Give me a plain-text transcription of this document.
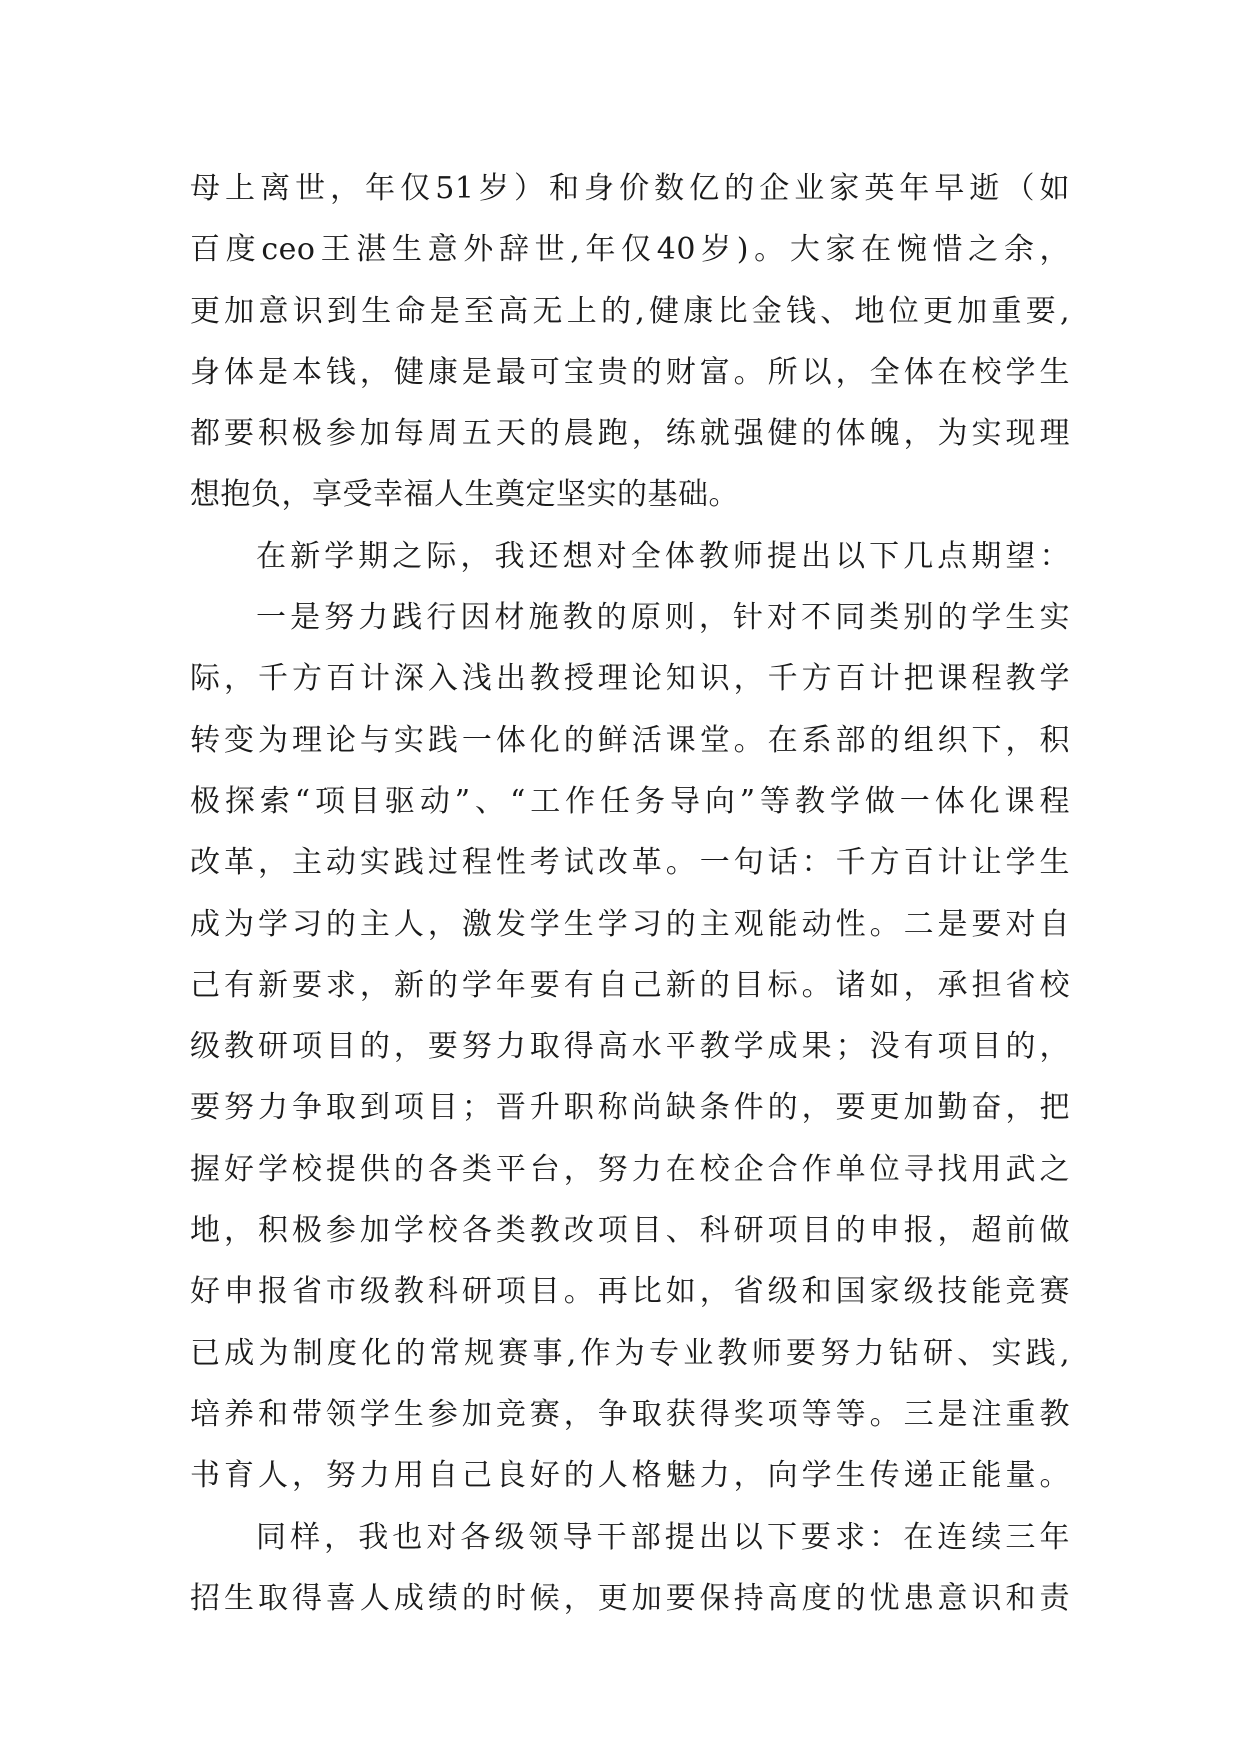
母上离世，年仅51岁）和身价数亿的企业家英年早逝（如
百度ceo王湛生意外辞世,年仅40岁)。大家在惋惜之余，
更加意识到生命是至高无上的,健康比金钱、地位更加重要,
身体是本钱，健康是最可宝贵的财富。所以，全体在校学生
都要积极参加每周五天的晨跑，练就强健的体魄，为实现理
想抱负，享受幸福人生奠定坚实的基础。
在新学期之际，我还想对全体教师提出以下几点期望：
一是努力践行因材施教的原则，针对不同类别的学生实
际，千方百计深入浅出教授理论知识，千方百计把课程教学
转变为理论与实践一体化的鲜活课堂。在系部的组织下，积
极探索“项目驱动”、“工作任务导向”等教学做一体化课程
改革，主动实践过程性考试改革。一句话：千方百计让学生
成为学习的主人，激发学生学习的主观能动性。二是要对自
己有新要求，新的学年要有自己新的目标。诸如，承担省校
级教研项目的，要努力取得高水平教学成果；没有项目的，
要努力争取到项目；晋升职称尚缺条件的，要更加勤奋，把
握好学校提供的各类平台，努力在校企合作单位寻找用武之
地，积极参加学校各类教改项目、科研项目的申报，超前做
好申报省市级教科研项目。再比如，省级和国家级技能竞赛
已成为制度化的常规赛事,作为专业教师要努力钻研、实践,
培养和带领学生参加竞赛，争取获得奖项等等。三是注重教
书育人，努力用自己良好的人格魅力，向学生传递正能量。
同样，我也对各级领导干部提出以下要求：在连续三年
招生取得喜人成绩的时候，更加要保持高度的忧患意识和责
